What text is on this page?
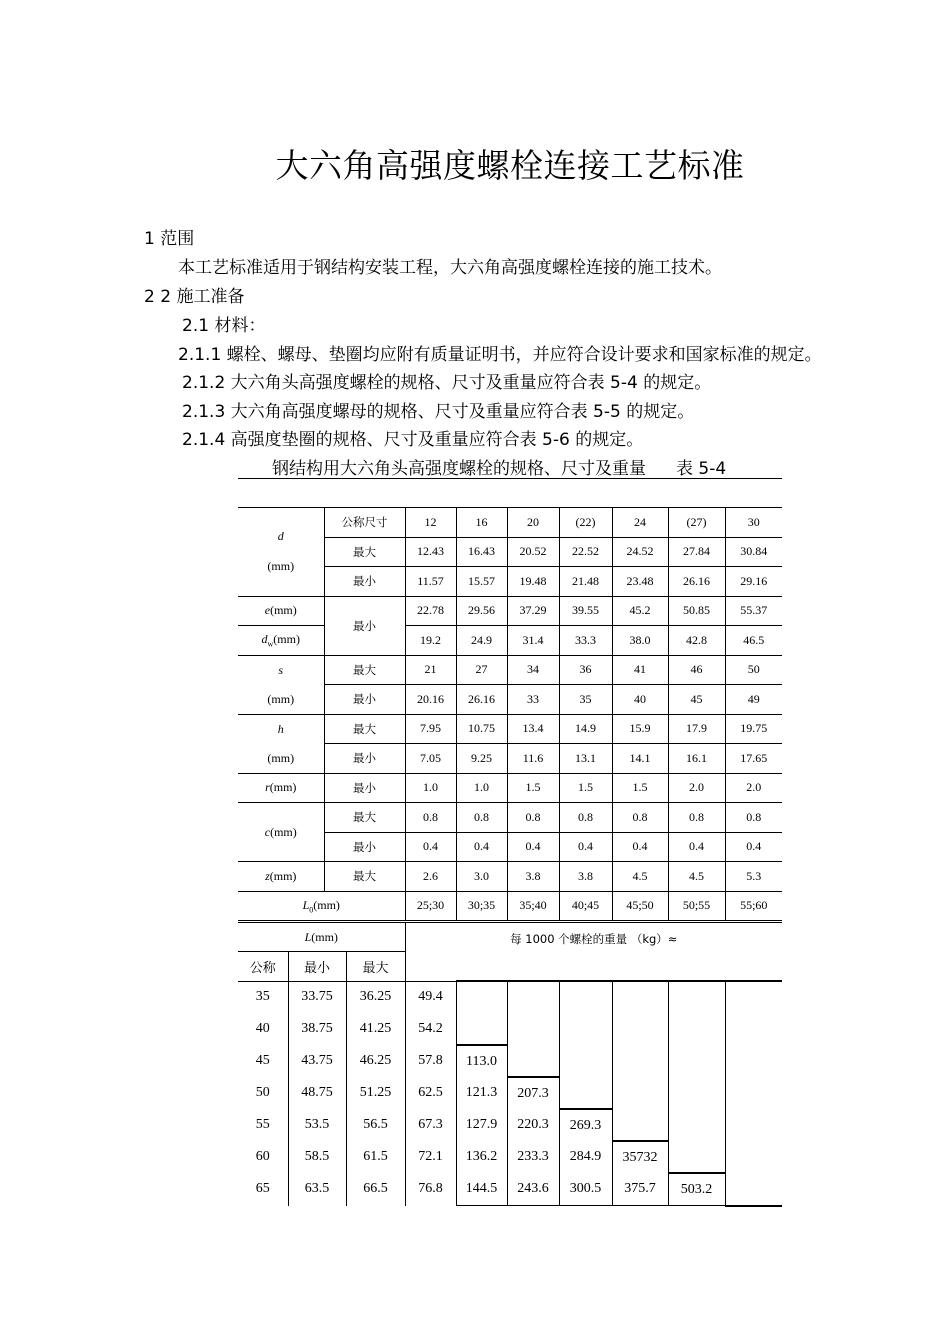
大六角高强度螺栓连接工艺标准
1 范围
本工艺标准适用于钢结构安装工程，大六角高强度螺栓连接的施工技术。
2 2 施工准备
2.1 材料：
2.1.1 螺栓、螺母、垫圈均应附有质量证明书，并应符合设计要求和国家标准的规定。
2.1.2 大六角头高强度螺栓的规格、尺寸及重量应符合表 5-4 的规定。
2.1.3 大六角高强度螺母的规格、尺寸及重量应符合表 5-5 的规定。
2.1.4 高强度垫圈的规格、尺寸及重量应符合表 5-6 的规定。
钢结构用大六角头高强度螺栓的规格、尺寸及重量 表 5-4
d

(mm)	公称尺寸	12	16	20	(22)	24	(27)	30
	最大	12.43	16.43	20.52	22.52	24.52	27.84	30.84
	最小	11.57	15.57	19.48	21.48	23.48	26.16	29.16
e(mm)	最小	22.78	29.56	37.29	39.55	45.2	50.85	55.37
$d_w(mm)$		19.2	24.9	31.4	33.3	38.0	42.8	46.5
s	最大	21	27	34	36	41	46	50
(mm)	最小	20.16	26.16	33	35	40	45	49
h	最大	7.95	10.75	13.4	14.9	15.9	17.9	19.75
(mm)	最小	7.05	9.25	11.6	13.1	14.1	16.1	17.65
r(mm)	最小	1.0	1.0	1.5	1.5	1.5	2.0	2.0
c(mm)	最大	0.8	0.8	0.8	0.8	0.8	0.8	0.8
	最小	0.4	0.4	0.4	0.4	0.4	0.4	0.4
z(mm)	最大	2.6	3.0	3.8	3.8	4.5	4.5	5.3
$L_0(mm)$		25;30	30;35	35;40	40;45	45;50	50;55	55;60
L(mm)			每 1000 个螺栓的重量 （kg）≈
公称	最小	最大	
35	33.75	36.25	49.4						
40	38.75	41.25	54.2						
45	43.75	46.25	57.8	113.0					
50	48.75	51.25	62.5	121.3	207.3				
55	53.5	56.5	67.3	127.9	220.3	269.3			
60	58.5	61.5	72.1	136.2	233.3	284.9	35732		
65	63.5	66.5	76.8	144.5	243.6	300.5	375.7	503.2	
